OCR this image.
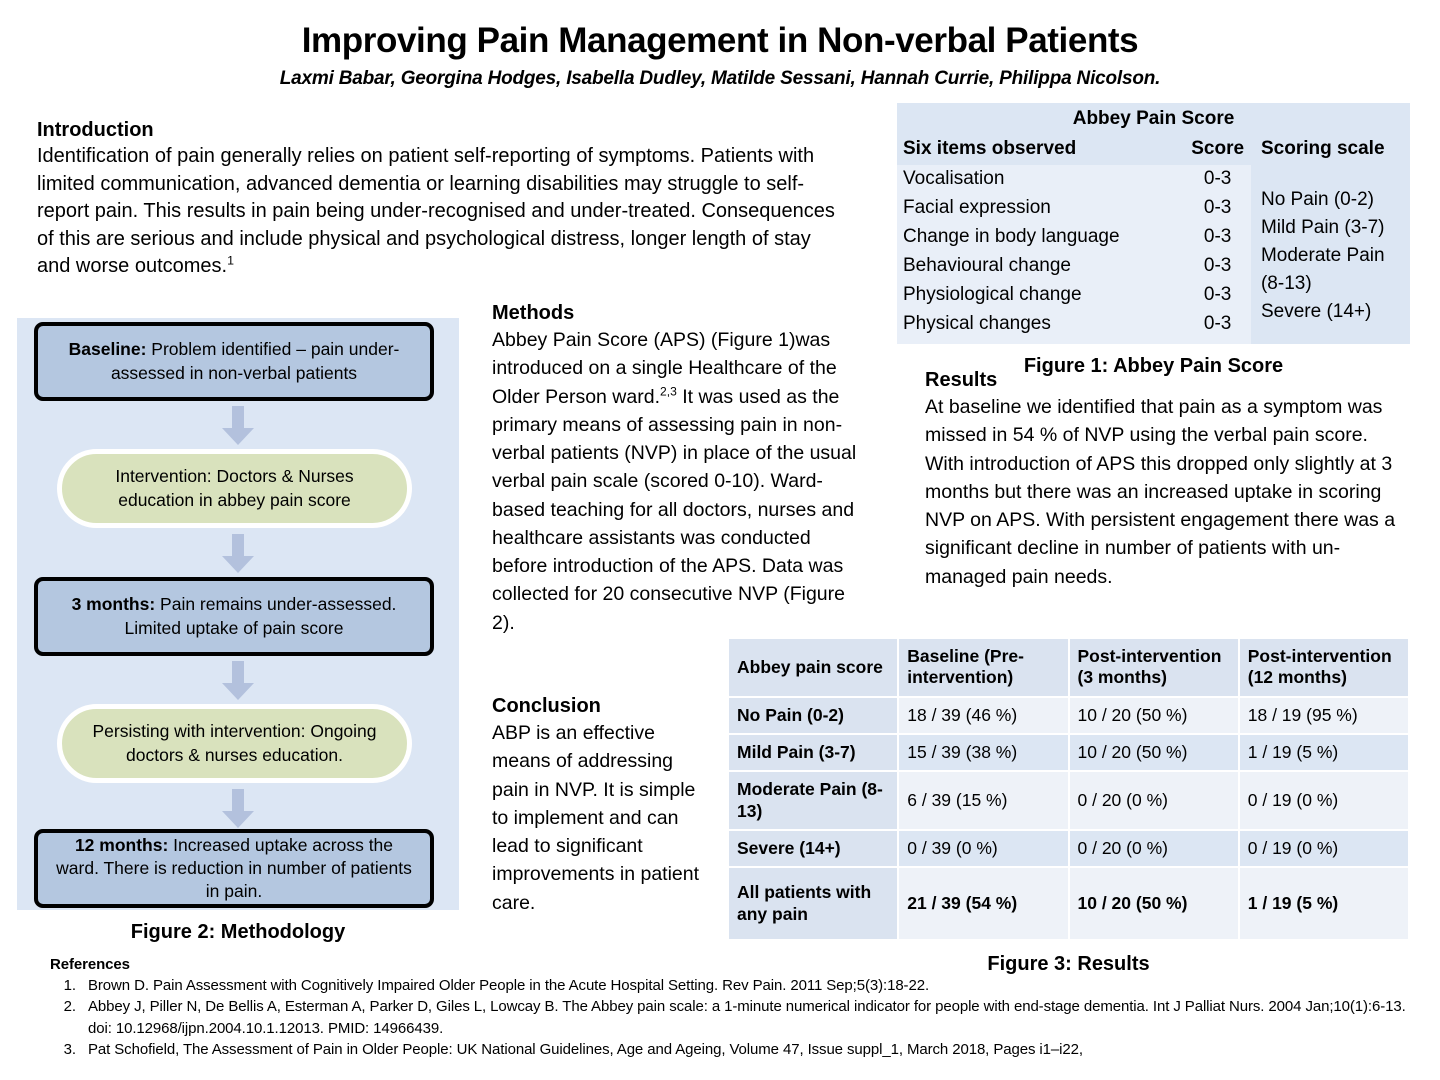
Improving Pain Management in Non-verbal Patients
Laxmi Babar, Georgina Hodges, Isabella Dudley, Matilde Sessani, Hannah Currie, Philippa Nicolson.
Introduction
Identification of pain generally relies on patient self-reporting of symptoms. Patients with limited communication, advanced dementia or learning disabilities may struggle to self-report pain. This results in pain being under-recognised and under-treated. Consequences of this are serious and include physical and psychological distress, longer length of stay and worse outcomes.$^1$
Abbey Pain Score		
Six items observed	Score	Scoring scale
No Pain (0-2)
Mild Pain (3-7)
Moderate Pain (8-13)
Severe (14+)

Vocalisation	0-3	
Facial expression	0-3	
Change in body language	0-3	
Behavioural change	0-3	
Physiological change	0-3	
Physical changes	0-3	
Figure 1: Abbey Pain Score
Baseline: Problem identified – pain under-assessed in non-verbal patients
Intervention: Doctors & Nurses education in abbey pain score
3 months: Pain remains under-assessed. Limited uptake of pain score
Persisting with intervention: Ongoing doctors & nurses education.
12 months: Increased uptake across the ward. There is reduction in number of patients in pain.
Figure 2: Methodology
Methods
Abbey Pain Score (APS) (Figure 1)was introduced on a single Healthcare of the Older Person ward.$^{2,3}$ It was used as the primary means of assessing pain in non-verbal patients (NVP) in place of the usual verbal pain scale (scored 0-10). Ward-based teaching for all doctors, nurses and healthcare assistants was conducted before introduction of the APS. Data was collected for 20 consecutive NVP (Figure 2).
Conclusion
ABP is an effective means of addressing pain in NVP. It is simple to implement and can lead to significant improvements in patient care.
Results
At baseline we identified that pain as a symptom was missed in 54 % of NVP using the verbal pain score. With introduction of APS this dropped only slightly at 3 months but there was an increased uptake in scoring NVP on APS. With persistent engagement there was a significant decline in number of patients with un-managed pain needs.
Abbey pain score	Baseline (Pre-intervention)	Post-intervention (3 months)	Post-intervention (12 months)
No Pain (0-2)	18 / 39 (46 %)	10 / 20 (50 %)	18 / 19 (95 %)
Mild Pain (3-7)	15 / 39 (38 %)	10 / 20 (50 %)	1 / 19 (5 %)
Moderate Pain (8-13)	6 / 39 (15 %)	0 / 20 (0 %)	0 / 19 (0 %)
Severe (14+)	0 / 39 (0 %)	0 / 20 (0 %)	0 / 19 (0 %)
All patients with any pain	21 / 39 (54 %)	10 / 20 (50 %)	1 / 19 (5 %)
Figure 3: Results
References
1. Brown D. Pain Assessment with Cognitively Impaired Older People in the Acute Hospital Setting. Rev Pain. 2011 Sep;5(3):18-22.
2. Abbey J, Piller N, De Bellis A, Esterman A, Parker D, Giles L, Lowcay B. The Abbey pain scale: a 1-minute numerical indicator for people with end-stage dementia. Int J Palliat Nurs. 2004 Jan;10(1):6-13. doi: 10.12968/ijpn.2004.10.1.12013. PMID: 14966439.
3. Pat Schofield, The Assessment of Pain in Older People: UK National Guidelines, Age and Ageing, Volume 47, Issue suppl_1, March 2018, Pages i1–i22,
